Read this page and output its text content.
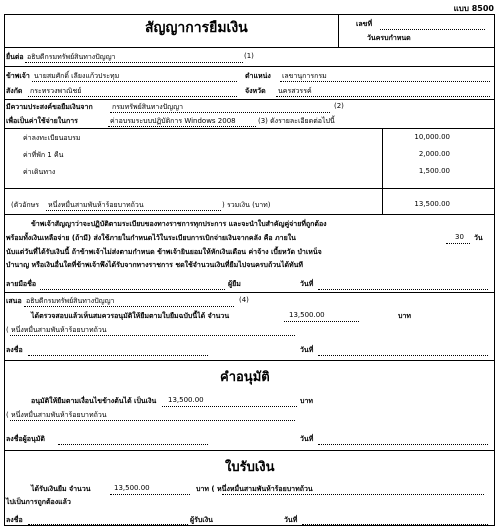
แบบ 8500
สัญญาการยืมเงิน	เลขที่
วันครบกำหนด
ยื่นต่อ อธิบดีกรมทรัพย์สินทางปัญญา	(1)
ข้าพเจ้า นายสมศักดิ์ เลียงแก้วประทุม	ตำแหน่ง เลขานุการกรม
สังกัด กระทรวงพาณิชย์	จังหวัด นครสวรรค์
มีความประสงค์ขอยืมเงินจาก	กรมทรัพย์สินทางปัญญา	(2)
เพื่อเป็นค่าใช้จ่ายในการ	ค่าอบรมระบบปฏิบัติการ Windows 2008	(3) ดังรายละเอียดต่อไปนี้
ค่าลงทะเบียนอบรม	10,000.00
ค่าที่พัก 1 คืน	2,000.00
ค่าเดินทาง	1,500.00
(ตัวอักษร หนึ่งหมื่นสามพันห้าร้อยบาทถ้วน	) รวมเงิน (บาท)	13,500.00
ข้าพเจ้าสัญญาว่าจะปฏิบัติตามระเบียบของทางราชการทุกประการ และจะนำใบสำคัญคู่จ่ายที่ถูกต้อง
พร้อมทั้งเงินเหลือจ่าย (ถ้ามี) ส่งใช้ภายในกำหนดไว้ในระเบียบการเบิกจ่ายเงินจากคลัง คือ ภายใน	30 วัน
นับแต่วันที่ได้รับเงินนี้ ถ้าข้าพเจ้าไม่ส่งตามกำหนด ข้าพเจ้ายินยอมให้หักเงินเดือน ค่าจ้าง เบี้ยหวัด บำเหน็จ
บำนาญ หรือเงินอื่นใดที่ข้าพเจ้าพึงได้รับจากทางราชการ ชดใช้จำนวนเงินที่ยืมไปจนครบถ้วนได้ทันที
ลายมือชื่อ	ผู้ยืม	วันที่
เสนอ อธิบดีกรมทรัพย์สินทางปัญญา	(4)
ได้ตรวจสอบแล้วเห็นสมควรอนุมัติให้ยืมตามใบยืมฉบับนี้ได้ จำนวน	13,500.00	บาท
( หนึ่งหมื่นสามพันห้าร้อยบาทถ้วน
ลงชื่อ	วันที่
คำอนุมัติ
อนุมัติให้ยืมตามเงื่อนไขข้างต้นได้ เป็นเงิน 13,500.00	บาท
( หนึ่งหมื่นสามพันห้าร้อยบาทถ้วน
ลงชื่อผู้อนุมัติ	วันที่
ใบรับเงิน
ได้รับเงินยืม จำนวน	13,500.00	บาท ( หนึ่งหมื่นสามพันห้าร้อยบาทถ้วน
ไปเป็นการถูกต้องแล้ว
ลงชื่อ	ผู้รับเงิน	วันที่
